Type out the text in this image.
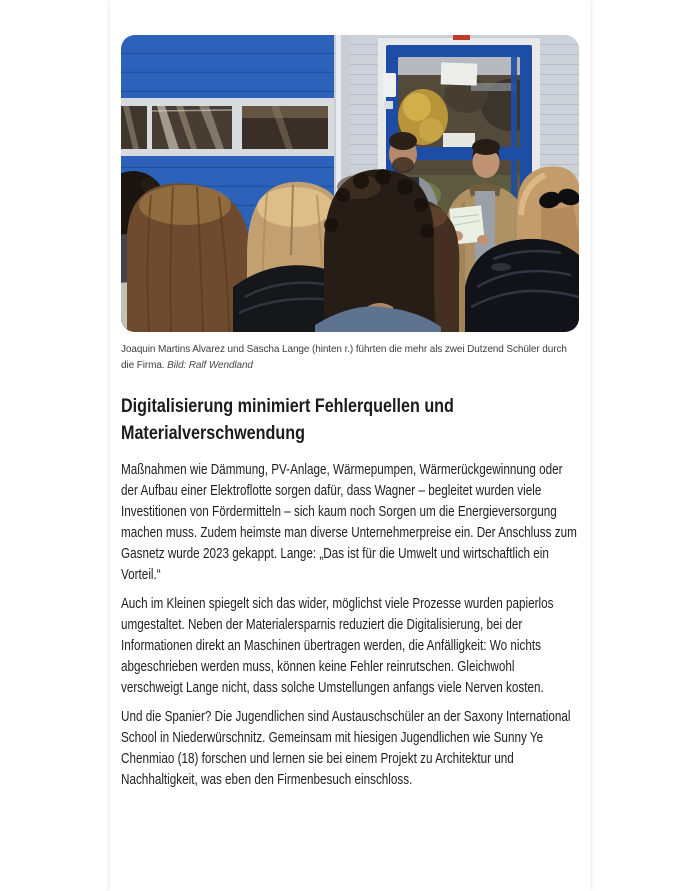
Joaquin Martins Alvarez und Sascha Lange (hinten r.) führten die mehr als zwei Dutzend Schüler durch die Firma. Bild: Ralf Wendland
Digitalisierung minimiert Fehlerquellen und Materialverschwendung

Maßnahmen wie Dämmung, PV-Anlage, Wärmepumpen, Wärmerückgewinnung oder der Aufbau einer Elektroflotte sorgen dafür, dass Wagner – begleitet wurden viele Investitionen von Fördermitteln – sich kaum noch Sorgen um die Energieversorgung machen muss. Zudem heimste man diverse Unternehmerpreise ein. Der Anschluss zum Gasnetz wurde 2023 gekappt. Lange: „Das ist für die Umwelt und wirtschaftlich ein Vorteil.“

Auch im Kleinen spiegelt sich das wider, möglichst viele Prozesse wurden papierlos umgestaltet. Neben der Materialersparnis reduziert die Digitalisierung, bei der Informationen direkt an Maschinen übertragen werden, die Anfälligkeit: Wo nichts abgeschrieben werden muss, können keine Fehler reinrutschen. Gleichwohl verschweigt Lange nicht, dass solche Umstellungen anfangs viele Nerven kosten.

Und die Spanier? Die Jugendlichen sind Austauschschüler an der Saxony International School in Niederwürschnitz. Gemeinsam mit hiesigen Jugendlichen wie Sunny Ye Chenmiao (18) forschen und lernen sie bei einem Projekt zu Architektur und Nachhaltigkeit, was eben den Firmenbesuch einschloss.
